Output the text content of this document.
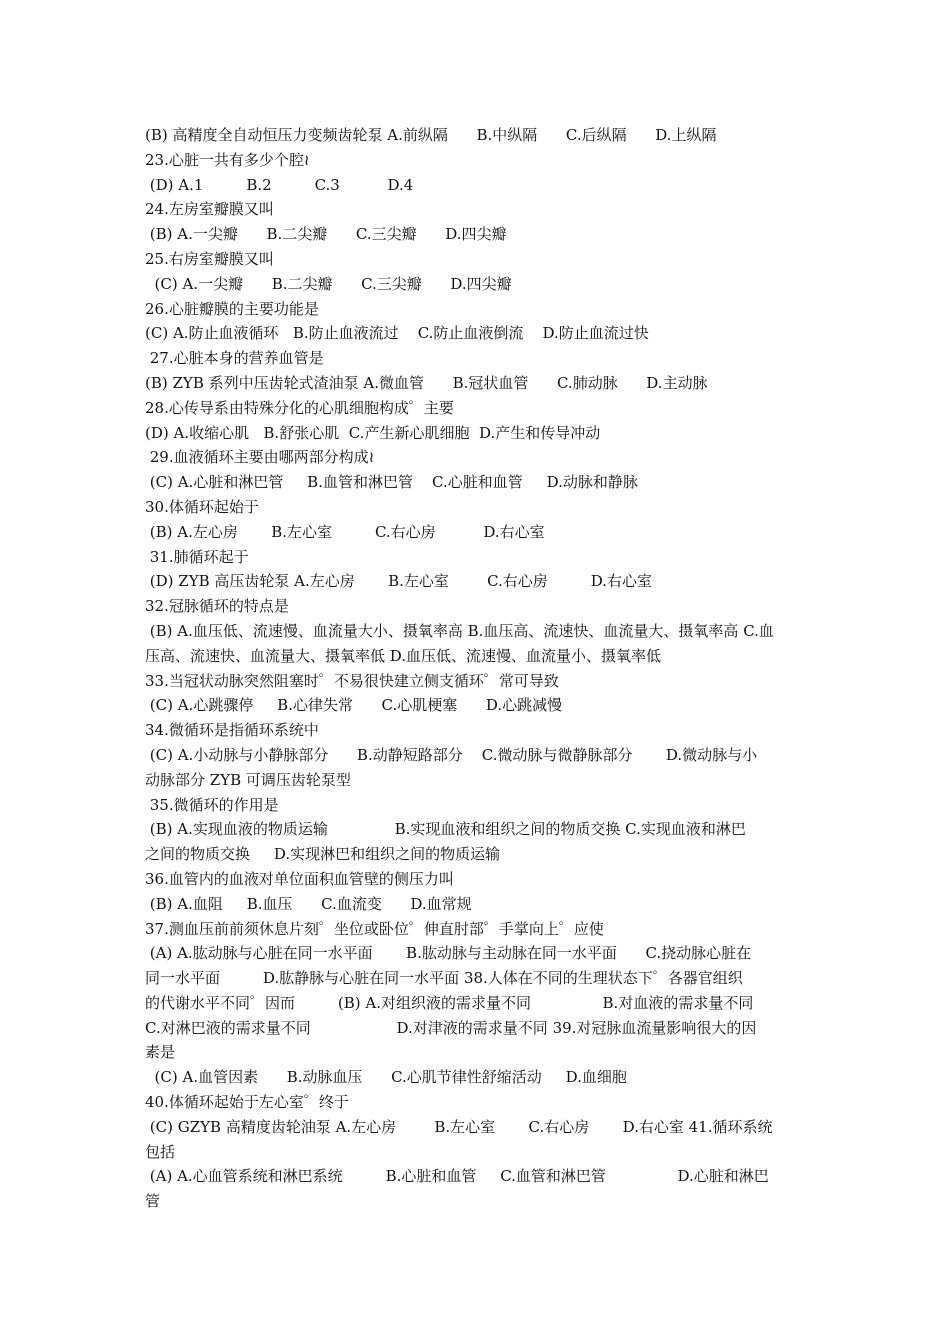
(B) 高精度全自动恒压力变频齿轮泵 A.前纵隔      B.中纵隔      C.后纵隔      D.上纵隔
23.心脏一共有多少个腔≀
(D) A.1         B.2         C.3          D.4
24.左房室瓣膜又叫
(B) A.一尖瓣      B.二尖瓣      C.三尖瓣      D.四尖瓣
25.右房室瓣膜又叫
(C) A.一尖瓣      B.二尖瓣      C.三尖瓣      D.四尖瓣
26.心脏瓣膜的主要功能是
(C) A.防止血液循环   B.防止血液流过    C.防止血液倒流    D.防止血流过快
27.心脏本身的营养血管是
(B) ZYB 系列中压齿轮式渣油泵 A.微血管      B.冠状血管      C.肺动脉      D.主动脉
28.心传导系由特殊分化的心肌细胞构成゜主要
(D) A.收缩心肌   B.舒张心肌  C.产生新心肌细胞  D.产生和传导冲动
29.血液循环主要由哪两部分构成≀
(C) A.心脏和淋巴管     B.血管和淋巴管    C.心脏和血管     D.动脉和静脉
30.体循环起始于
(B) A.左心房       B.左心室         C.右心房          D.右心室
31.肺循环起于
(D) ZYB 高压齿轮泵 A.左心房       B.左心室        C.右心房         D.右心室
32.冠脉循环的特点是
(B) A.血压低、流速慢、血流量大小、摄氧率高 B.血压高、流速快、血流量大、摄氧率高 C.血
压高、流速快、血流量大、摄氧率低 D.血压低、流速慢、血流量小、摄氧率低
33.当冠状动脉突然阻塞时゜不易很快建立侧支循环゜常可导致
(C) A.心跳骤停     B.心律失常      C.心肌梗塞      D.心跳减慢
34.微循环是指循环系统中
(C) A.小动脉与小静脉部分      B.动静短路部分    C.微动脉与微静脉部分       D.微动脉与小
动脉部分 ZYB 可调压齿轮泵型
35.微循环的作用是
(B) A.实现血液的物质运输              B.实现血液和组织之间的物质交换 C.实现血液和淋巴
之间的物质交换     D.实现淋巴和组织之间的物质运输
36.血管内的血液对单位面积血管壁的侧压力叫
(B) A.血阻     B.血压      C.血流变      D.血常规
37.测血压前前须休息片刻゜坐位或卧位゜伸直肘部゜手掌向上゜应使
(A) A.肱动脉与心脏在同一水平面       B.肱动脉与主动脉在同一水平面      C.挠动脉心脏在
同一水平面         D.肱静脉与心脏在同一水平面 38.人体在不同的生理状态下゜各器官组织
的代谢水平不同゜因而         (B) A.对组织液的需求量不同               B.对血液的需求量不同
C.对淋巴液的需求量不同                  D.对津液的需求量不同 39.对冠脉血流量影响很大的因
素是
(C) A.血管因素      B.动脉血压      C.心肌节律性舒缩活动     D.血细胞
40.体循环起始于左心室゜终于
(C) GZYB 高精度齿轮油泵 A.左心房        B.左心室       C.右心房       D.右心室 41.循环系统
包括
(A) A.心血管系统和淋巴系统         B.心脏和血管     C.血管和淋巴管               D.心脏和淋巴
管
